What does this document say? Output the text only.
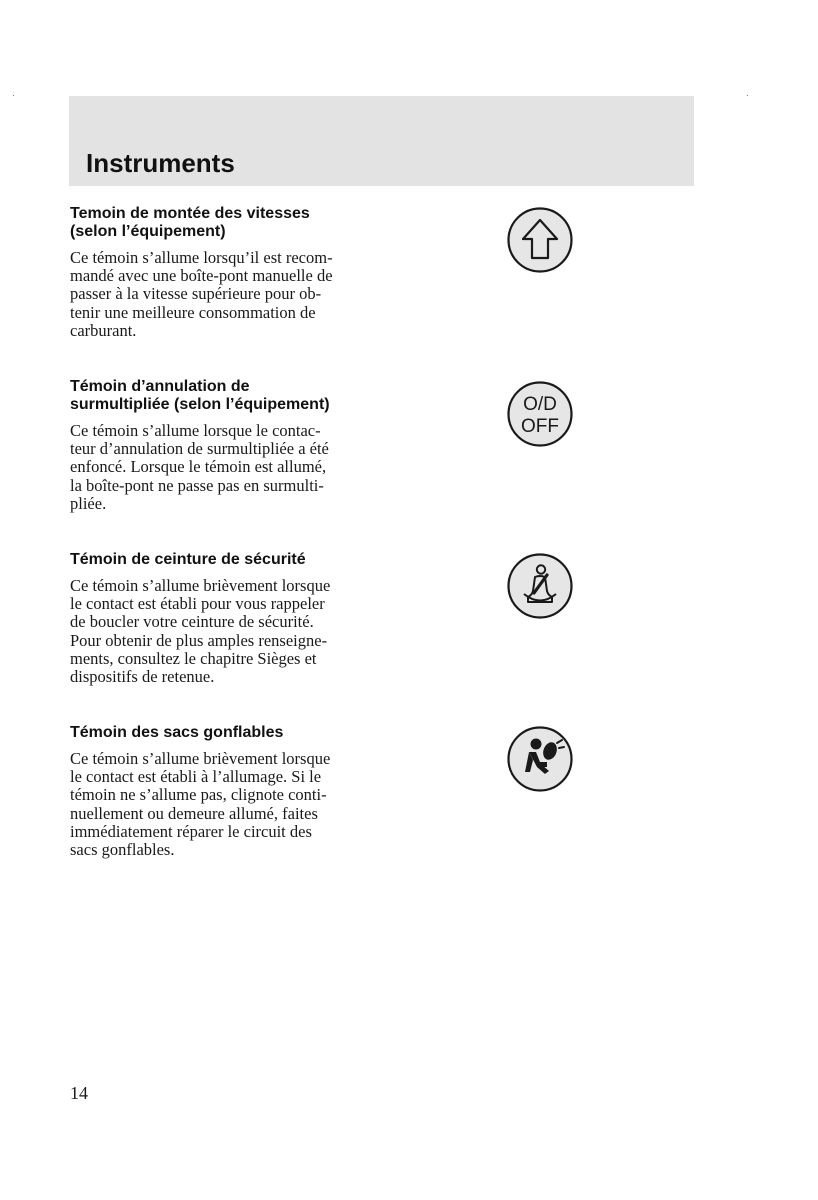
·	·
Instruments
Temoin de montée des vitesses
(selon l’équipement)

Ce témoin s’allume lorsqu’il est recom-
mandé avec une boîte-pont manuelle de
passer à la vitesse supérieure pour ob-
tenir une meilleure consommation de
carburant.

Témoin d’annulation de
surmultipliée (selon l’équipement)

Ce témoin s’allume lorsque le contac-
teur d’annulation de surmultipliée a été
enfoncé. Lorsque le témoin est allumé,
la boîte-pont ne passe pas en surmulti-
pliée.

O/D
OFF
Témoin de ceinture de sécurité

Ce témoin s’allume brièvement lorsque
le contact est établi pour vous rappeler
de boucler votre ceinture de sécurité.
Pour obtenir de plus amples renseigne-
ments, consultez le chapitre Sièges et
dispositifs de retenue.

Témoin des sacs gonflables

Ce témoin s’allume brièvement lorsque
le contact est établi à l’allumage. Si le
témoin ne s’allume pas, clignote conti-
nuellement ou demeure allumé, faites
immédiatement réparer le circuit des
sacs gonflables.

14
